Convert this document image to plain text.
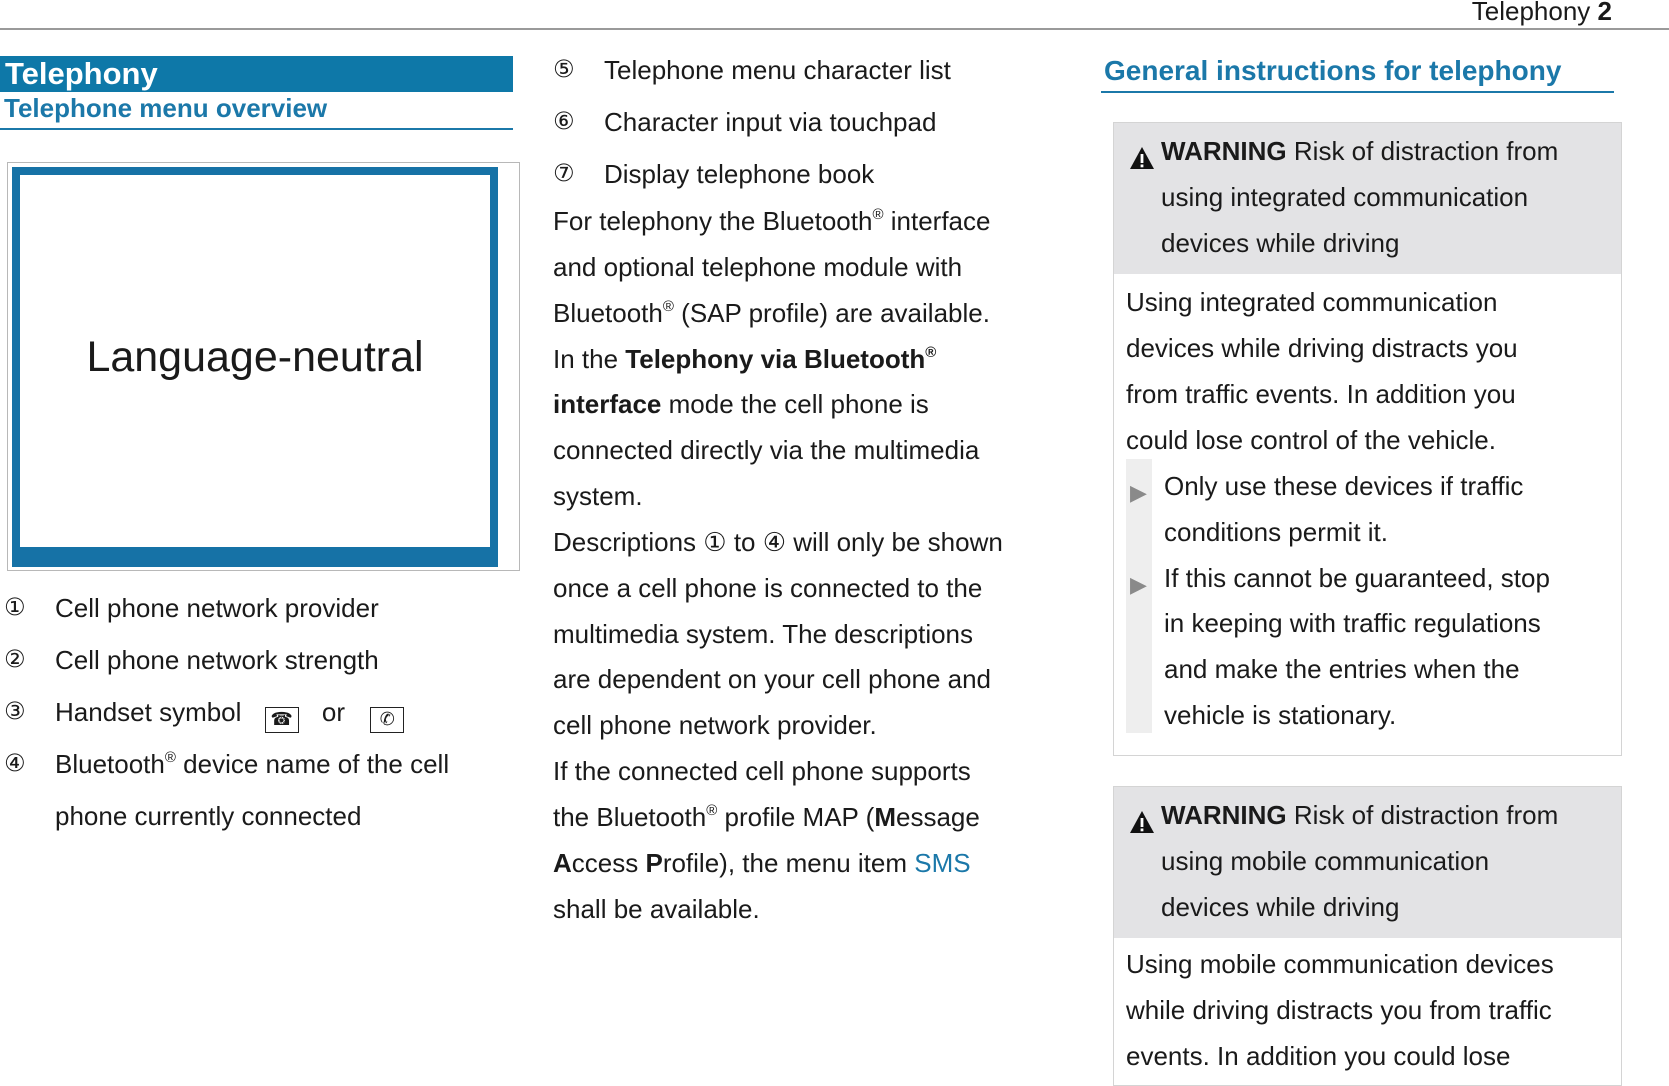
Telephony 2
Telephony
Telephone menu overview
Language-neutral
① Cell phone network provider
② Cell phone network strength
③ Handset symbol ☎ or ✆
④ Bluetooth® device name of the cell
phone currently connected
⑤ Telephone menu character list
⑥ Character input via touchpad
⑦ Display telephone book
For telephony the Bluetooth® interface
and optional telephone module with
Bluetooth® (SAP profile) are available.
In the Telephony via Bluetooth®
interface mode the cell phone is
connected directly via the multimedia
system.
Descriptions ① to ④ will only be shown
once a cell phone is connected to the
multimedia system. The descriptions
are dependent on your cell phone and
cell phone network provider.
If the connected cell phone supports
the Bluetooth® profile MAP (Message
Access Profile), the menu item SMS
shall be available.
General instructions for telephony
WARNING Risk of distraction from
using integrated communication
devices while driving
Using integrated communication
devices while driving distracts you
from traffic events. In addition you
could lose control of the vehicle.
▶ Only use these devices if traffic
conditions permit it.
▶ If this cannot be guaranteed, stop
in keeping with traffic regulations
and make the entries when the
vehicle is stationary.
WARNING Risk of distraction from
using mobile communication
devices while driving
Using mobile communication devices
while driving distracts you from traffic
events. In addition you could lose
